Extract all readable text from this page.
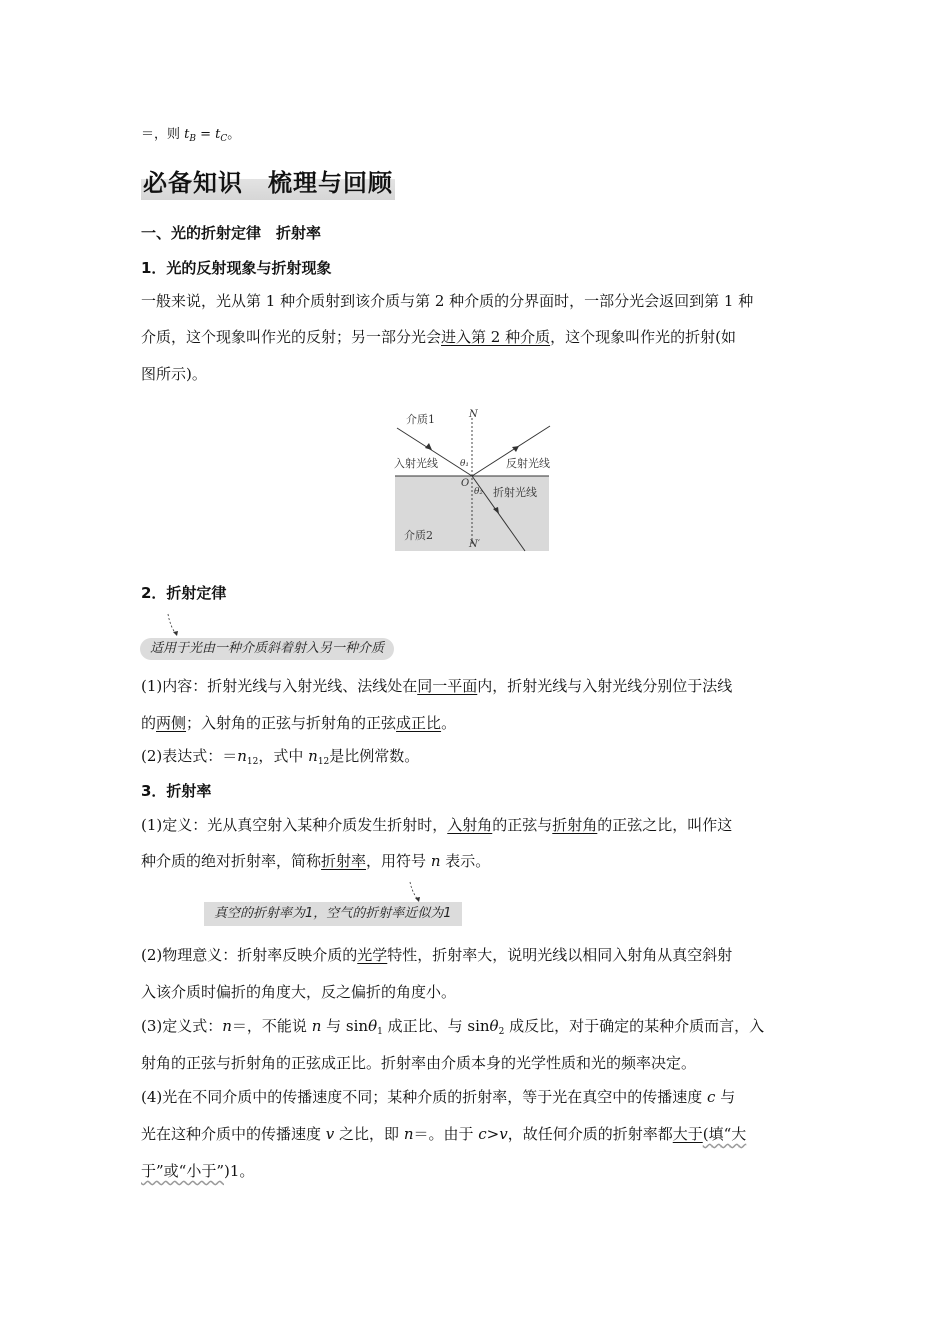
＝，则 $t_B = t_C$。
必备知识　梳理与回顾
一、光的折射定律　折射率
1．光的反射现象与折射现象
一般来说，光从第 1 种介质射到该介质与第 2 种介质的分界面时，一部分光会返回到第 1 种
介质，这个现象叫作光的反射；另一部分光会进入第 2 种介质，这个现象叫作光的折射(如
图所示)。
介质1	N
入射光线 θ₁	反射光线
O
θ₂ 折射光线
介质2
N′
2．折射定律
适用于光由一种介质斜着射入另一种介质
(1)内容：折射光线与入射光线、法线处在同一平面内，折射光线与入射光线分别位于法线
的两侧；入射角的正弦与折射角的正弦成正比。
(2)表达式：$=n_{12}$，式中 $n_{12}$是比例常数。
3．折射率
(1)定义：光从真空射入某种介质发生折射时，入射角的正弦与折射角的正弦之比，叫作这
种介质的绝对折射率，简称折射率，用符号 n 表示。
真空的折射率为1，空气的折射率近似为1
(2)物理意义：折射率反映介质的光学特性，折射率大，说明光线以相同入射角从真空斜射
入该介质时偏折的角度大，反之偏折的角度小。
(3)定义式：n＝，不能说 n 与 sinθ$_1$ 成正比、与 sinθ$_2$ 成反比，对于确定的某种介质而言，入
射角的正弦与折射角的正弦成正比。折射率由介质本身的光学性质和光的频率决定。
(4)光在不同介质中的传播速度不同；某种介质的折射率，等于光在真空中的传播速度 c 与
光在这种介质中的传播速度 v 之比，即 n＝。由于 c>v，故任何介质的折射率都大于(填“大
于”或“小于”)1。
